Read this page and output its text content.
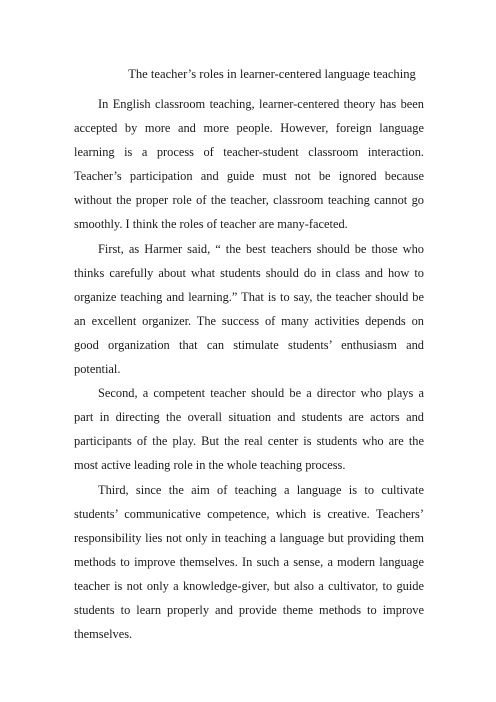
The teacher’s roles in learner-centered language teaching

In English classroom teaching, learner-centered theory has been accepted by more and more people. However, foreign language learning is a process of teacher-student classroom interaction. Teacher’s participation and guide must not be ignored because without the proper role of the teacher, classroom teaching cannot go smoothly. I think the roles of teacher are many-faceted.

First, as Harmer said, “ the best teachers should be those who thinks carefully about what students should do in class and how to organize teaching and learning.” That is to say, the teacher should be an excellent organizer. The success of many activities depends on good organization that can stimulate students’ enthusiasm and potential.

Second, a competent teacher should be a director who plays a part in directing the overall situation and students are actors and participants of the play. But the real center is students who are the most active leading role in the whole teaching process.

Third, since the aim of teaching a language is to cultivate students’ communicative competence, which is creative. Teachers’ responsibility lies not only in teaching a language but providing them methods to improve themselves. In such a sense, a modern language teacher is not only a knowledge-giver, but also a cultivator, to guide students to learn properly and provide theme methods to improve themselves.
